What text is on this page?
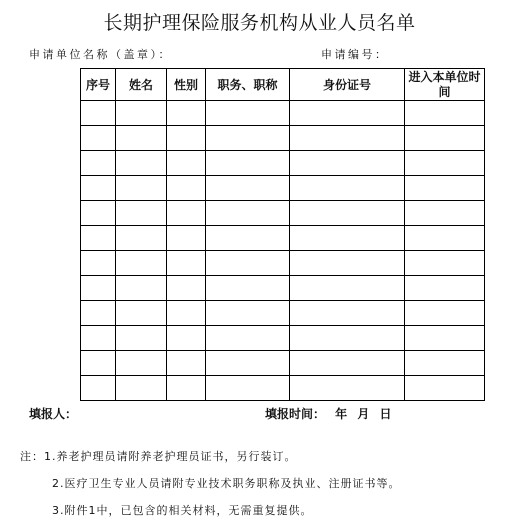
长期护理保险服务机构从业人员名单
申请单位名称（盖章）：	申请编号：
序号	姓名	性别	职务、职称	身份证号	进入本单位时间

填报人：	填报时间： 年 月 日
注：1.养老护理员请附养老护理员证书，另行装订。
2.医疗卫生专业人员请附专业技术职务职称及执业、注册证书等。
3.附件1中，已包含的相关材料，无需重复提供。
